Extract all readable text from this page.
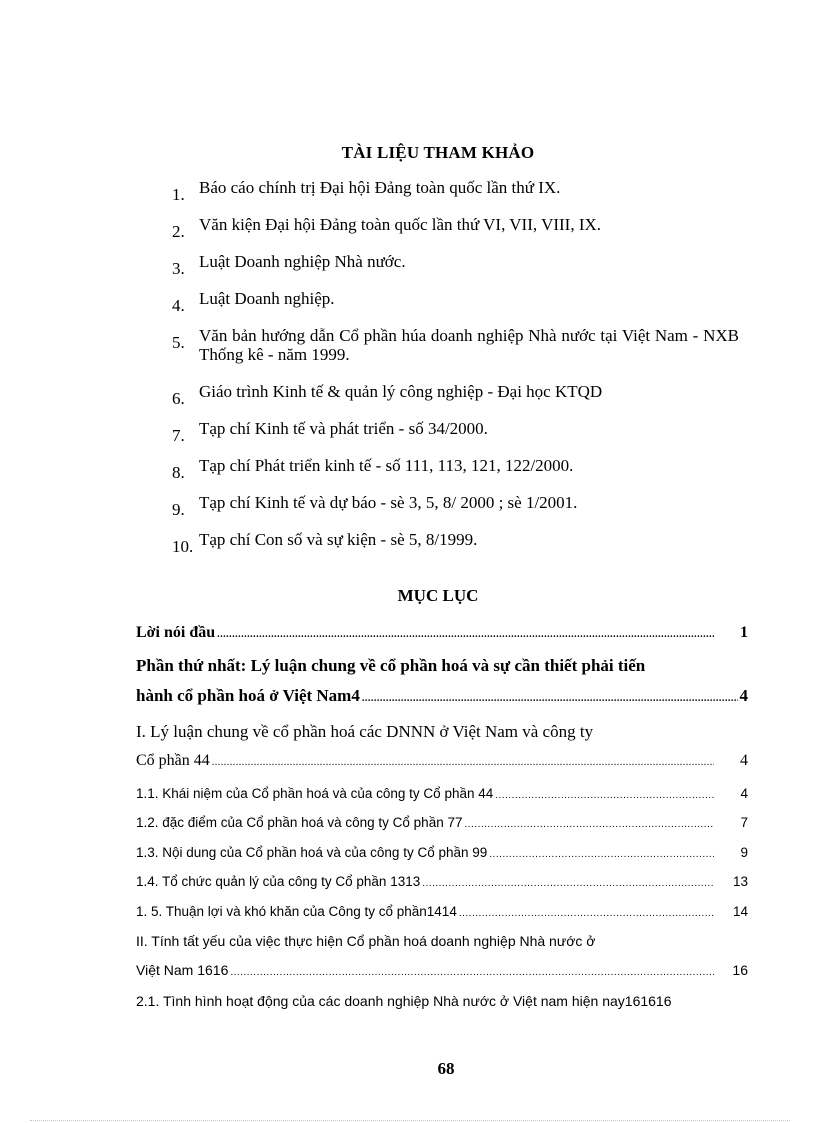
TÀI LIỆU THAM KHẢO
1. Báo cáo chính trị Đại hội Đảng toàn quốc lần thứ IX.
2. Văn kiện Đại hội Đảng toàn quốc lần thứ VI, VII, VIII, IX.
3. Luật Doanh nghiệp Nhà nước.
4. Luật Doanh nghiệp.
5. Văn bản hướng dẫn Cổ phần húa doanh nghiệp Nhà nước tại Việt Nam - NXB Thống kê - năm 1999.
6. Giáo trình Kinh tế & quản lý công nghiệp - Đại học KTQD
7. Tạp chí Kinh tế và phát triển - số 34/2000.
8. Tạp chí Phát triển kinh tế - số 111, 113, 121, 122/2000.
9. Tạp chí Kinh tế và dự báo - sè 3, 5, 8/ 2000 ; sè 1/2001.
10. Tạp chí Con số và sự kiện - sè 5, 8/1999.
MỤC LỤC
Lời nói đầu .....	1
Phần thứ nhất: Lý luận chung về cổ phần hoá và sự cần thiết phải tiến
hành cổ phần hoá ở Việt Nam4 .....	4
I. Lý luận chung về cổ phần hoá các DNNN ở Việt Nam và công ty
Cổ phần 44 .....	4
1.1. Khái niệm của Cổ phần hoá và của công ty Cổ phần 44 .....	4
1.2. đặc điểm của Cổ phần hoá và công ty Cổ phần 77 .....	7
1.3. Nội dung của Cổ phần hoá và của công ty Cổ phần 99 .....	9
1.4. Tổ chức quản lý của công ty Cổ phần 1313 .....	13
1. 5. Thuận lợi và khó khăn của Công ty cổ phần1414 .....	14
II. Tính tất yếu của việc thực hiện Cổ phần hoá doanh nghiệp Nhà nước ở
Việt Nam 1616 .....	16
2.1. Tình hình hoạt động của các doanh nghiệp Nhà nước ở Việt nam hiện nay161616
68
